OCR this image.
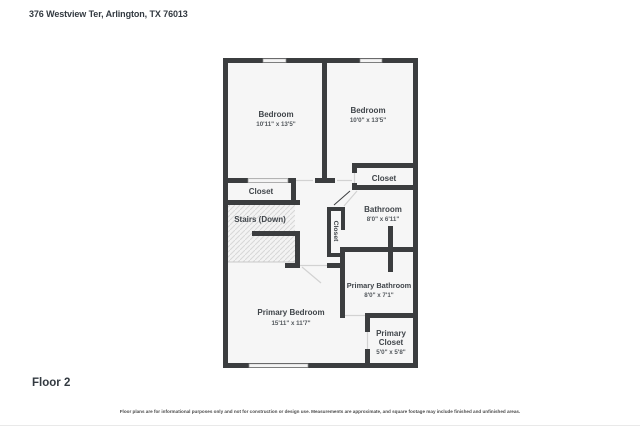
376 Westview Ter, Arlington, TX 76013
Bedroom
10'11" x 13'5"
Bedroom
10'0" x 13'5"
Closet
Stairs (Down)
Closet
Closet
Bathroom
8'0" x 6'11"
Primary Bathroom
8'0" x 7'1"
Primary Bedroom
15'11" x 11'7"
Primary
Closet
5'0" x 5'8"
Floor 2
Floor plans are for informational purposes only and not for construction or design use. Measurements are approximate, and square footage may include finished and unfinished areas.
